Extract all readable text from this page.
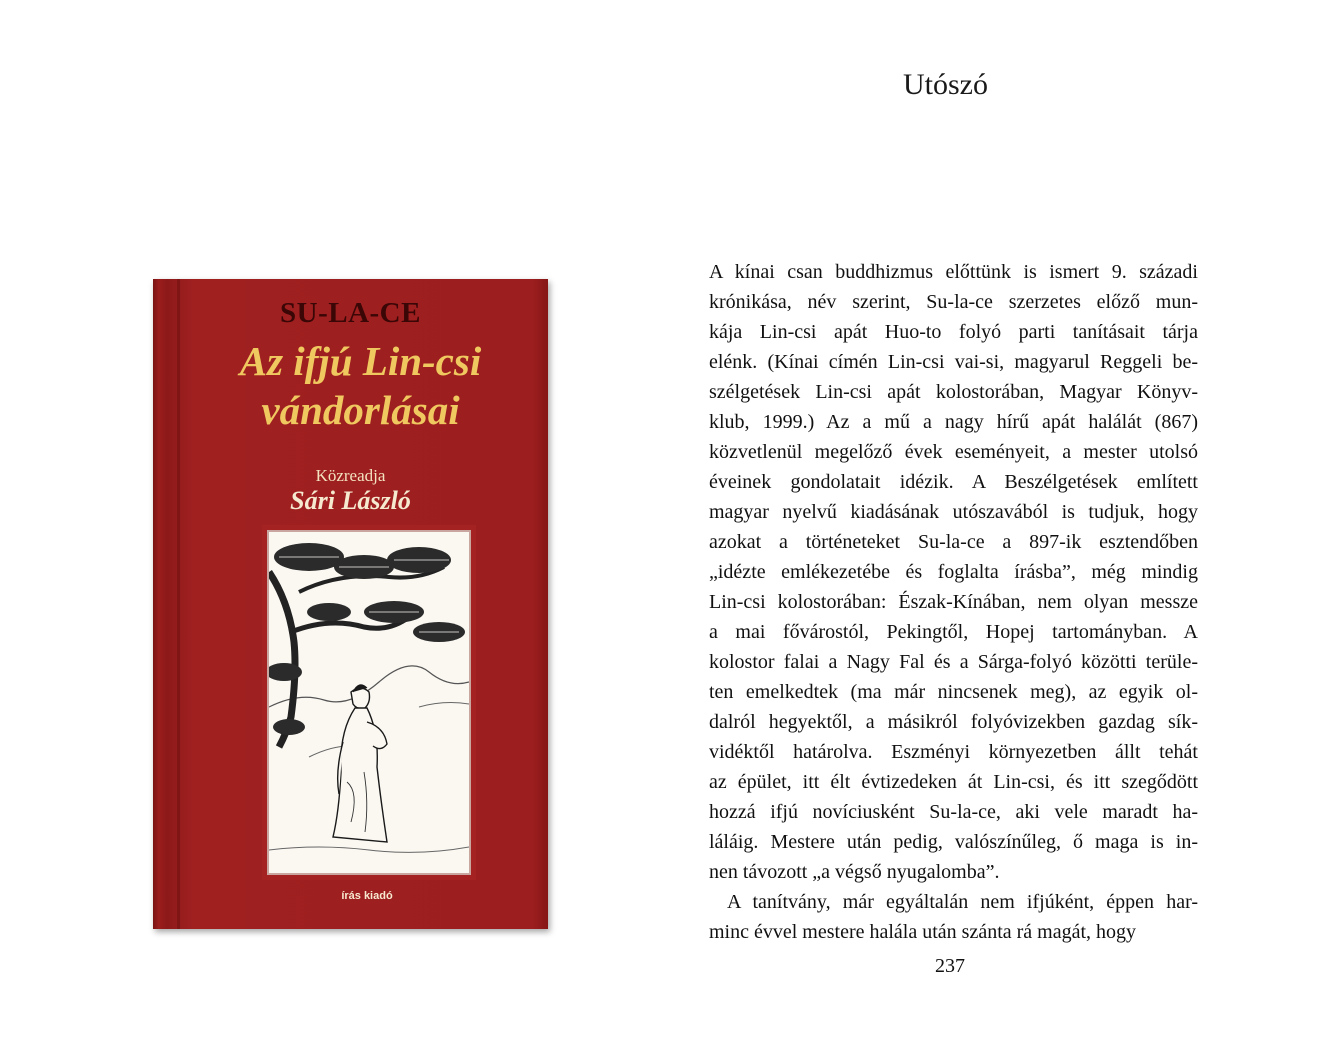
SU-LA-CE
Az ifjú Lin-csi
vándorlásai
Közreadja
Sári László
írás kiadó
Utószó
A kínai csan buddhizmus előttünk is ismert 9. századi
krónikása, név szerint, Su-la-ce szerzetes előző mun-
kája Lin-csi apát Huo-to folyó parti tanításait tárja
elénk. (Kínai címén Lin-csi vai-si, magyarul Reggeli be-
szélgetések Lin-csi apát kolostorában, Magyar Könyv-
klub, 1999.) Az a mű a nagy hírű apát halálát (867)
közvetlenül megelőző évek eseményeit, a mester utolsó
éveinek gondolatait idézik. A Beszélgetések említett
magyar nyelvű kiadásának utószavából is tudjuk, hogy
azokat a történeteket Su-la-ce a 897-ik esztendőben
„idézte emlékezetébe és foglalta írásba”, még mindig
Lin-csi kolostorában: Észak-Kínában, nem olyan messze
a mai fővárostól, Pekingtől, Hopej tartományban. A
kolostor falai a Nagy Fal és a Sárga-folyó közötti terüle-
ten emelkedtek (ma már nincsenek meg), az egyik ol-
dalról hegyektől, a másikról folyóvizekben gazdag sík-
vidéktől határolva. Eszményi környezetben állt tehát
az épület, itt élt évtizedeken át Lin-csi, és itt szegődött
hozzá ifjú novíciusként Su-la-ce, aki vele maradt ha-
láláig. Mestere után pedig, valószínűleg, ő maga is in-
nen távozott „a végső nyugalomba”.
A tanítvány, már egyáltalán nem ifjúként, éppen har-
minc évvel mestere halála után szánta rá magát, hogy
237
